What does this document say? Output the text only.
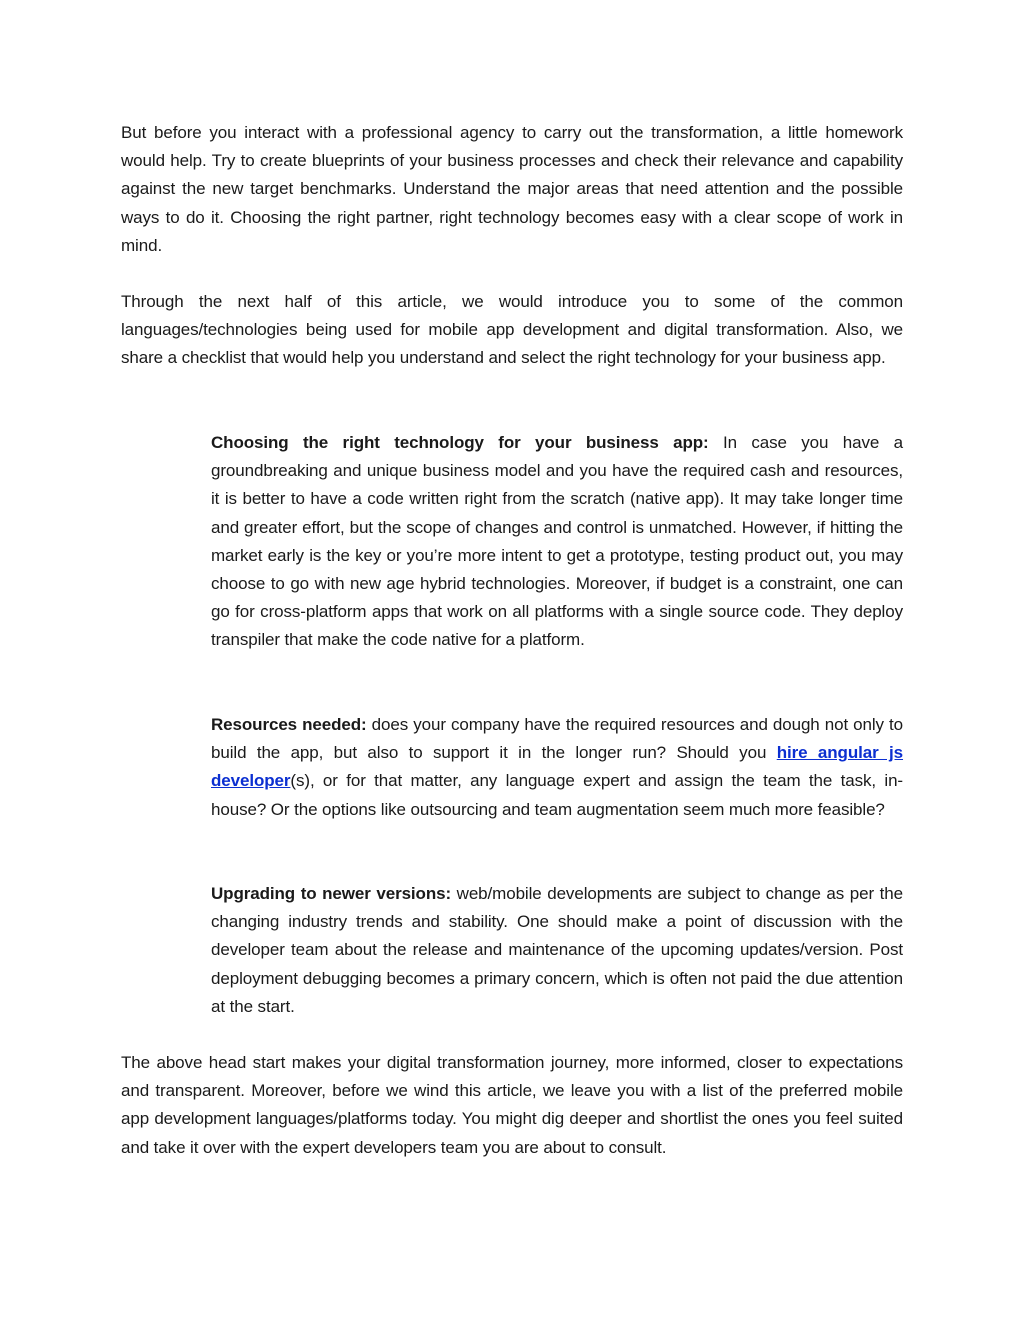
But before you interact with a professional agency to carry out the transformation, a little homework would help. Try to create blueprints of your business processes and check their relevance and capability against the new target benchmarks. Understand the major areas that need attention and the possible ways to do it. Choosing the right partner, right technology becomes easy with a clear scope of work in mind.

Through the next half of this article, we would introduce you to some of the common languages/technologies being used for mobile app development and digital transformation. Also, we share a checklist that would help you understand and select the right technology for your business app.

Choosing the right technology for your business app: In case you have a groundbreaking and unique business model and you have the required cash and resources, it is better to have a code written right from the scratch (native app). It may take longer time and greater effort, but the scope of changes and control is unmatched. However, if hitting the market early is the key or you’re more intent to get a prototype, testing product out, you may choose to go with new age hybrid technologies. Moreover, if budget is a constraint, one can go for cross-platform apps that work on all platforms with a single source code. They deploy transpiler that make the code native for a platform.

Resources needed: does your company have the required resources and dough not only to build the app, but also to support it in the longer run? Should you hire angular js developer(s), or for that matter, any language expert and assign the team the task, in-house? Or the options like outsourcing and team augmentation seem much more feasible?

Upgrading to newer versions: web/mobile developments are subject to change as per the changing industry trends and stability. One should make a point of discussion with the developer team about the release and maintenance of the upcoming updates/version. Post deployment debugging becomes a primary concern, which is often not paid the due attention at the start.

The above head start makes your digital transformation journey, more informed, closer to expectations and transparent. Moreover, before we wind this article, we leave you with a list of the preferred mobile app development languages/platforms today. You might dig deeper and shortlist the ones you feel suited and take it over with the expert developers team you are about to consult.
